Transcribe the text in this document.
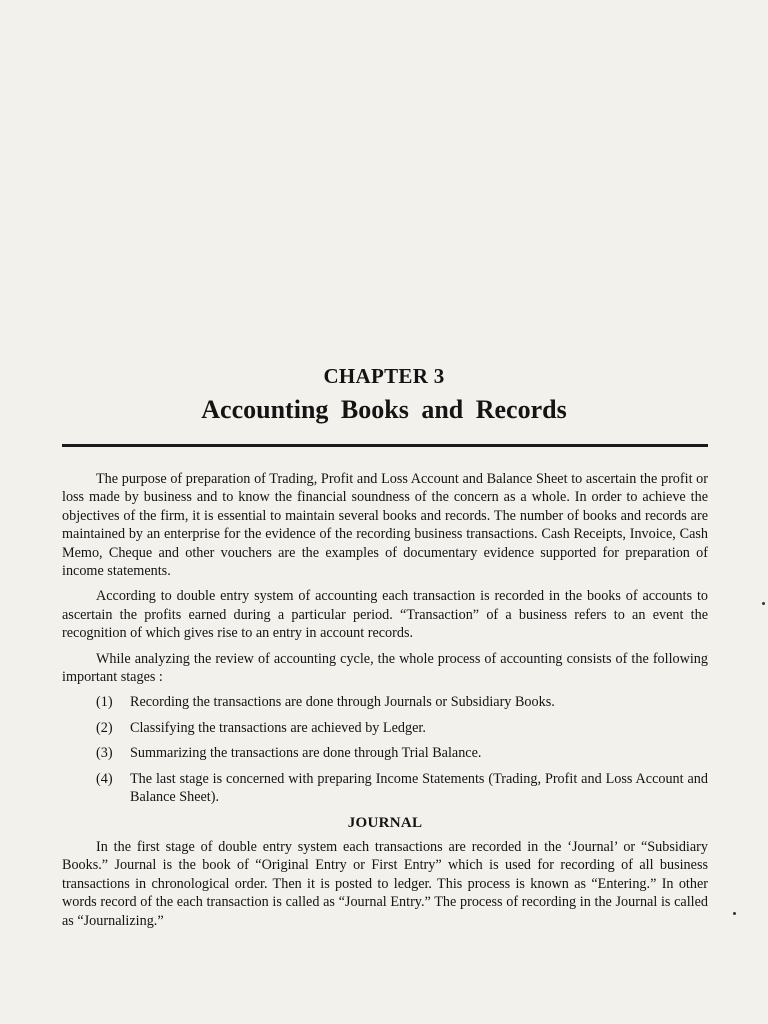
CHAPTER 3
Accounting Books and Records

The purpose of preparation of Trading, Profit and Loss Account and Balance Sheet to ascertain the profit or loss made by business and to know the financial soundness of the concern as a whole. In order to achieve the objectives of the firm, it is essential to maintain several books and records. The number of books and records are maintained by an enterprise for the evidence of the recording business transactions. Cash Receipts, Invoice, Cash Memo, Cheque and other vouchers are the examples of documentary evidence supported for preparation of income statements.

According to double entry system of accounting each transaction is recorded in the books of accounts to ascertain the profits earned during a particular period. “Transaction” of a business refers to an event the recognition of which gives rise to an entry in account records.

While analyzing the review of accounting cycle, the whole process of accounting consists of the following important stages :

(1)	Recording the transactions are done through Journals or Subsidiary Books.
(2)	Classifying the transactions are achieved by Ledger.
(3)	Summarizing the transactions are done through Trial Balance.
(4)	The last stage is concerned with preparing Income Statements (Trading, Profit and Loss Account and Balance Sheet).
JOURNAL

In the first stage of double entry system each transactions are recorded in the ‘Journal’ or “Subsidiary Books.” Journal is the book of “Original Entry or First Entry” which is used for recording of all business transactions in chronological order. Then it is posted to ledger. This process is known as “Entering.” In other words record of the each transaction is called as “Journal Entry.” The process of recording in the Journal is called as “Journalizing.”
